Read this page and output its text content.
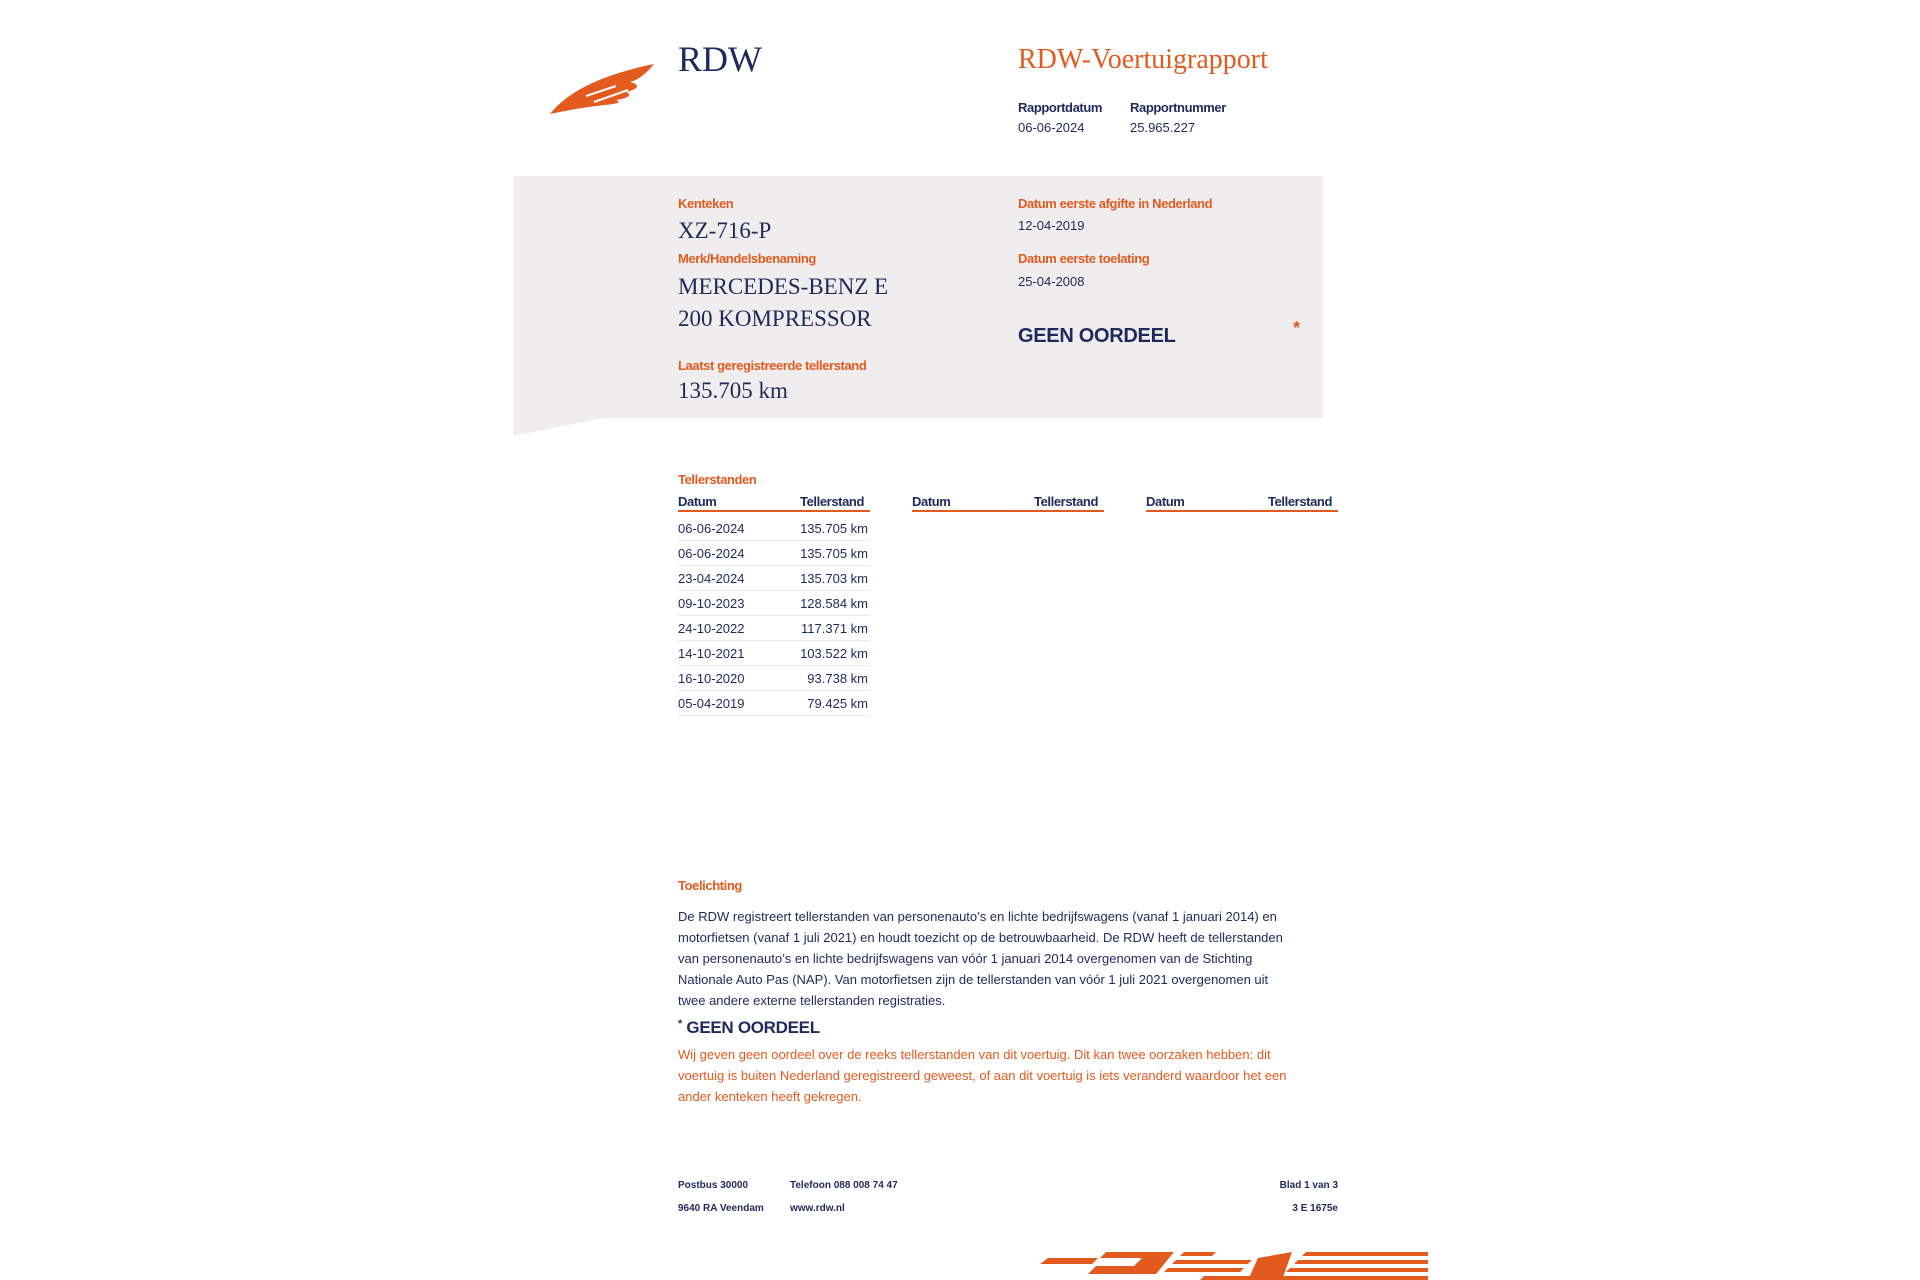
RDW	RDW-Voertuigrapport
Rapportdatum
06-06-2024
Rapportnummer
25.965.227
Kenteken
XZ-716-P
Merk/Handelsbenaming
MERCEDES-BENZ E
200 KOMPRESSOR
Laatst geregistreerde tellerstand
135.705 km
Datum eerste afgifte in Nederland
12-04-2019
Datum eerste toelating
25-04-2008
GEEN OORDEEL	*
Tellerstanden
Datum	Tellerstand	Datum	Tellerstand	Datum	Tellerstand
06-06-2024	135.705 km
06-06-2024	135.705 km
23-04-2024	135.703 km
09-10-2023	128.584 km
24-10-2022	117.371 km
14-10-2021	103.522 km
16-10-2020	93.738 km
05-04-2019	79.425 km
Toelichting
De RDW registreert tellerstanden van personenauto’s en lichte bedrijfswagens (vanaf 1 januari 2014) en
motorfietsen (vanaf 1 juli 2021) en houdt toezicht op de betrouwbaarheid. De RDW heeft de tellerstanden
van personenauto’s en lichte bedrijfswagens van vóór 1 januari 2014 overgenomen van de Stichting
Nationale Auto Pas (NAP). Van motorfietsen zijn de tellerstanden van vóór 1 juli 2021 overgenomen uit
twee andere externe tellerstanden registraties.
* GEEN OORDEEL
Wij geven geen oordeel over de reeks tellerstanden van dit voertuig. Dit kan twee oorzaken hebben: dit
voertuig is buiten Nederland geregistreerd geweest, of aan dit voertuig is iets veranderd waardoor het een
ander kenteken heeft gekregen.
Postbus 30000
9640 RA Veendam
Telefoon 088 008 74 47
www.rdw.nl
Blad 1 van 3
3 E 1675e
